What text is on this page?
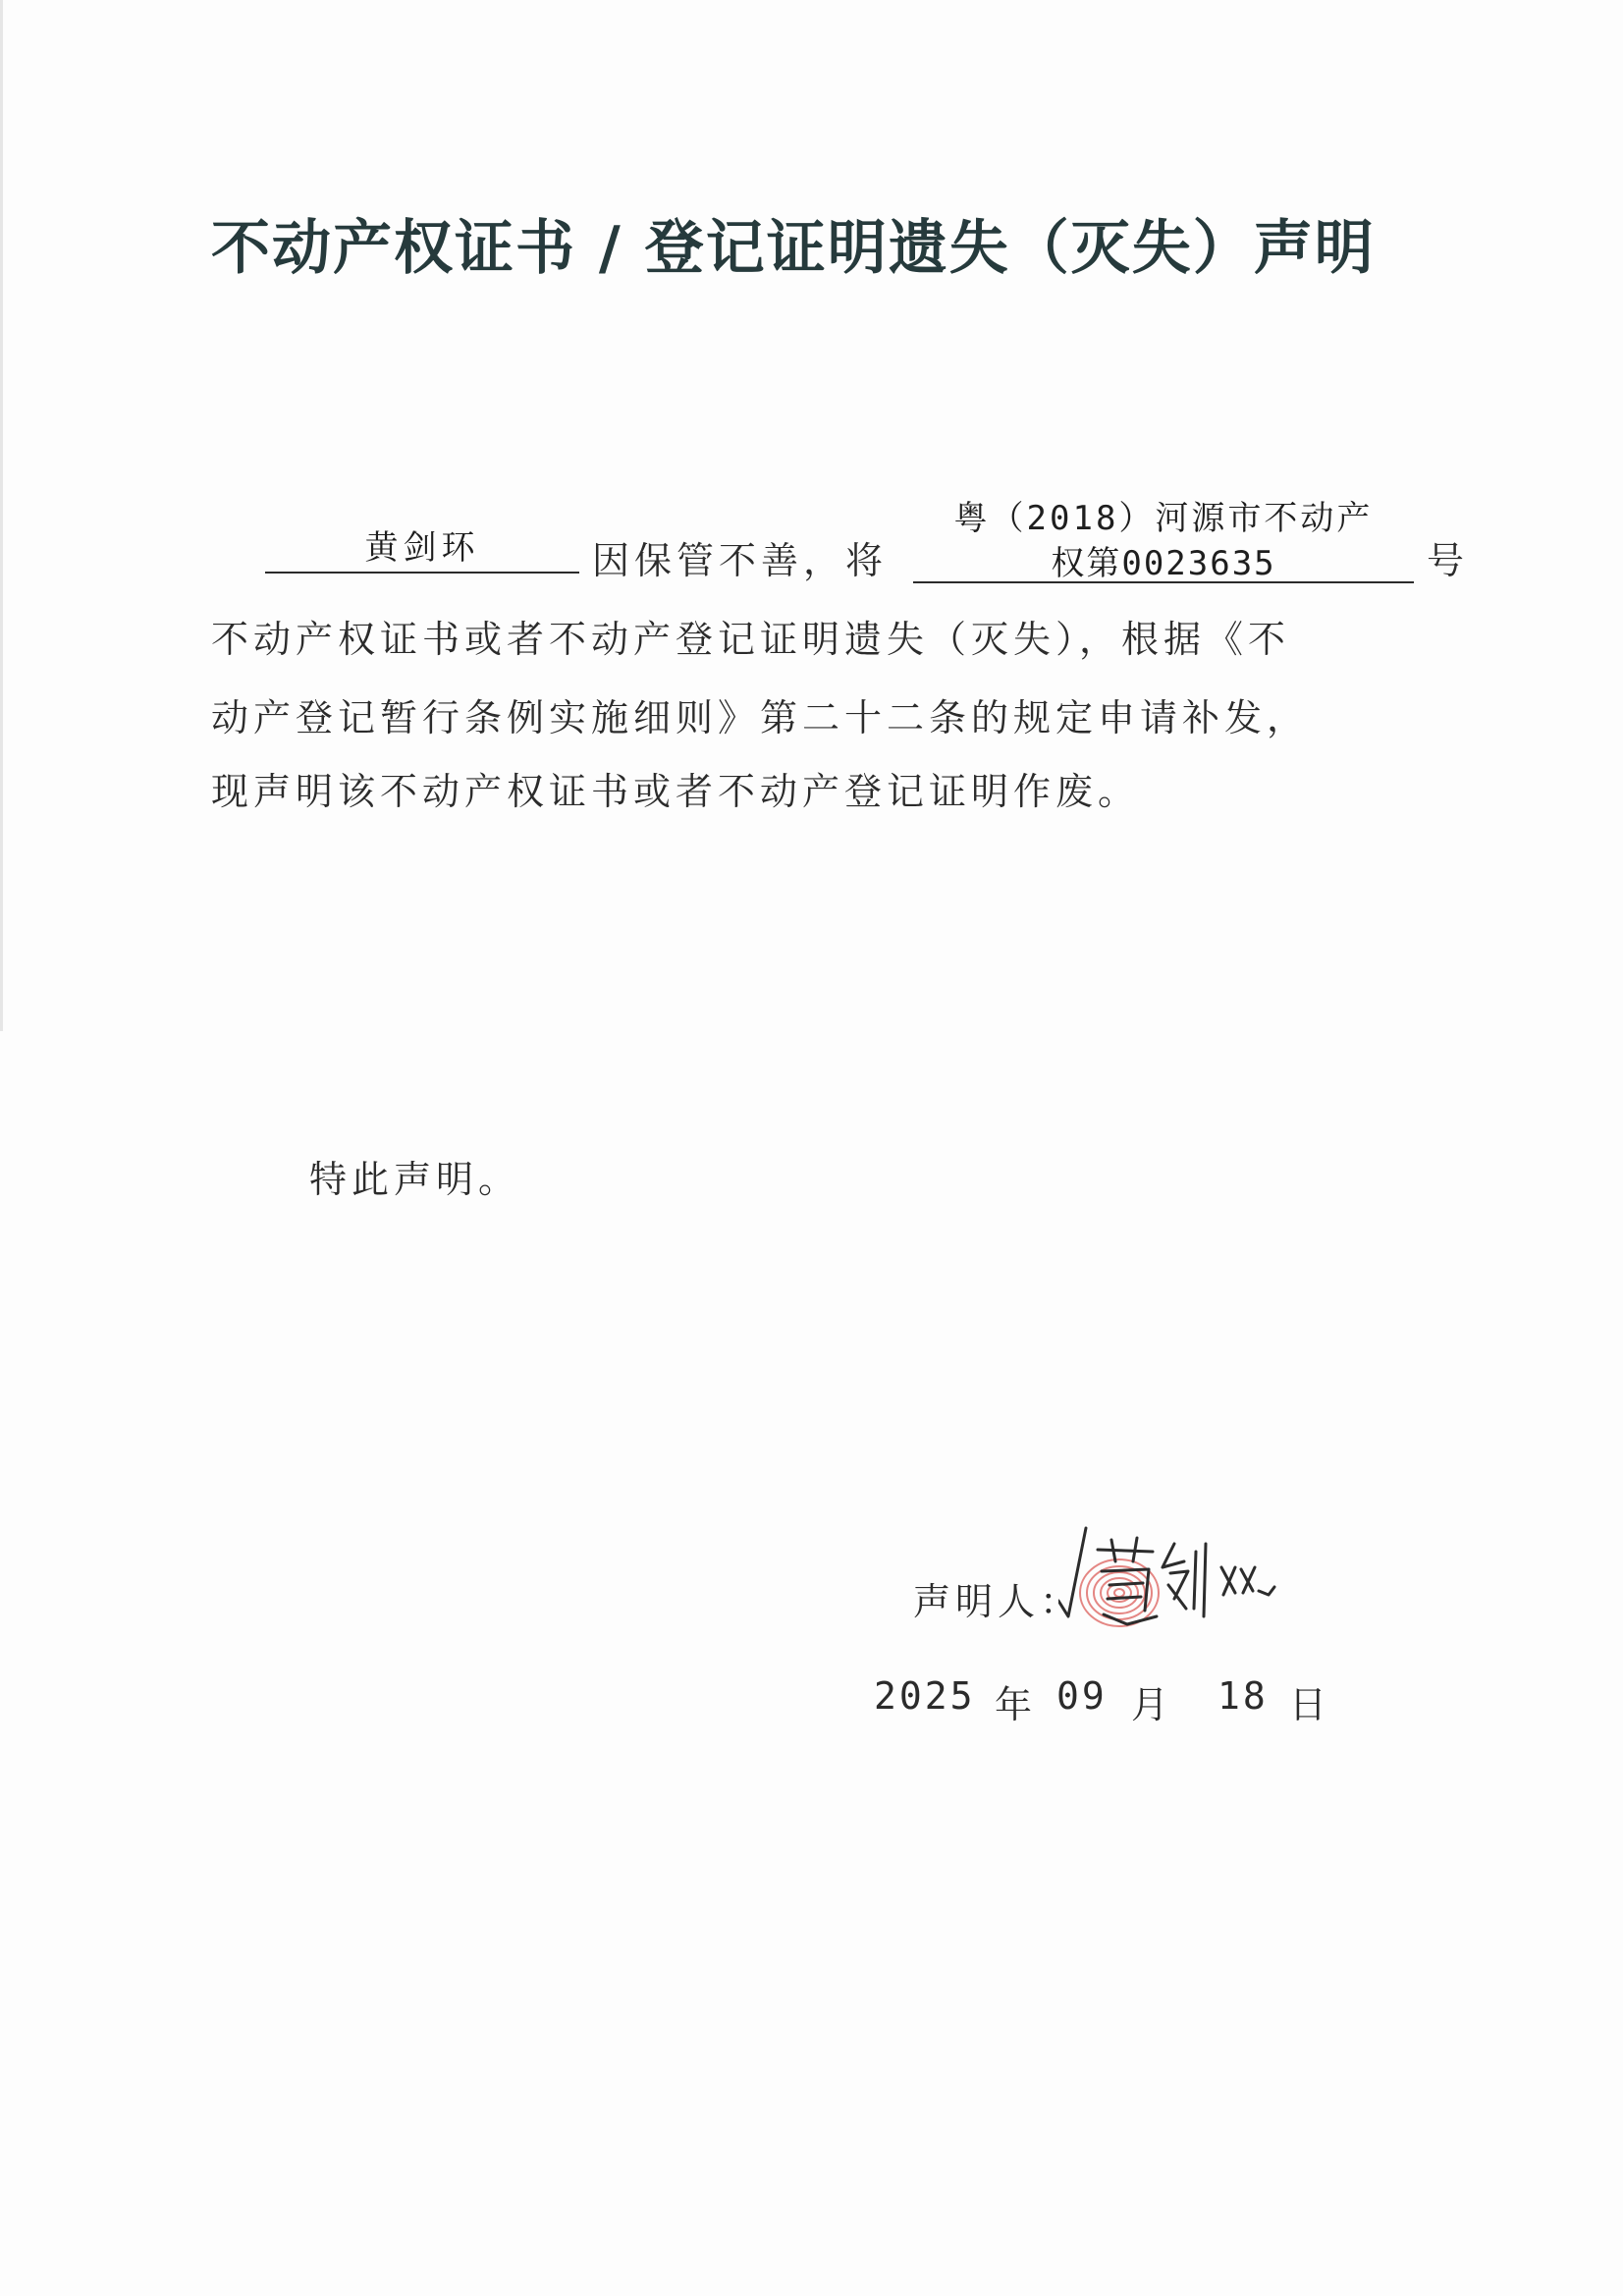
不动产权证书 / 登记证明遗失（灭失）声明
黄剑环	因保管不善，将
粤（2018）河源市不动产
权第0023635	号
不动产权证书或者不动产登记证明遗失（灭失），根据《不
动产登记暂行条例实施细则》第二十二条的规定申请补发，
现声明该不动产权证书或者不动产登记证明作废。
特此声明。
声明人：
2025 年 09 月 18 日
